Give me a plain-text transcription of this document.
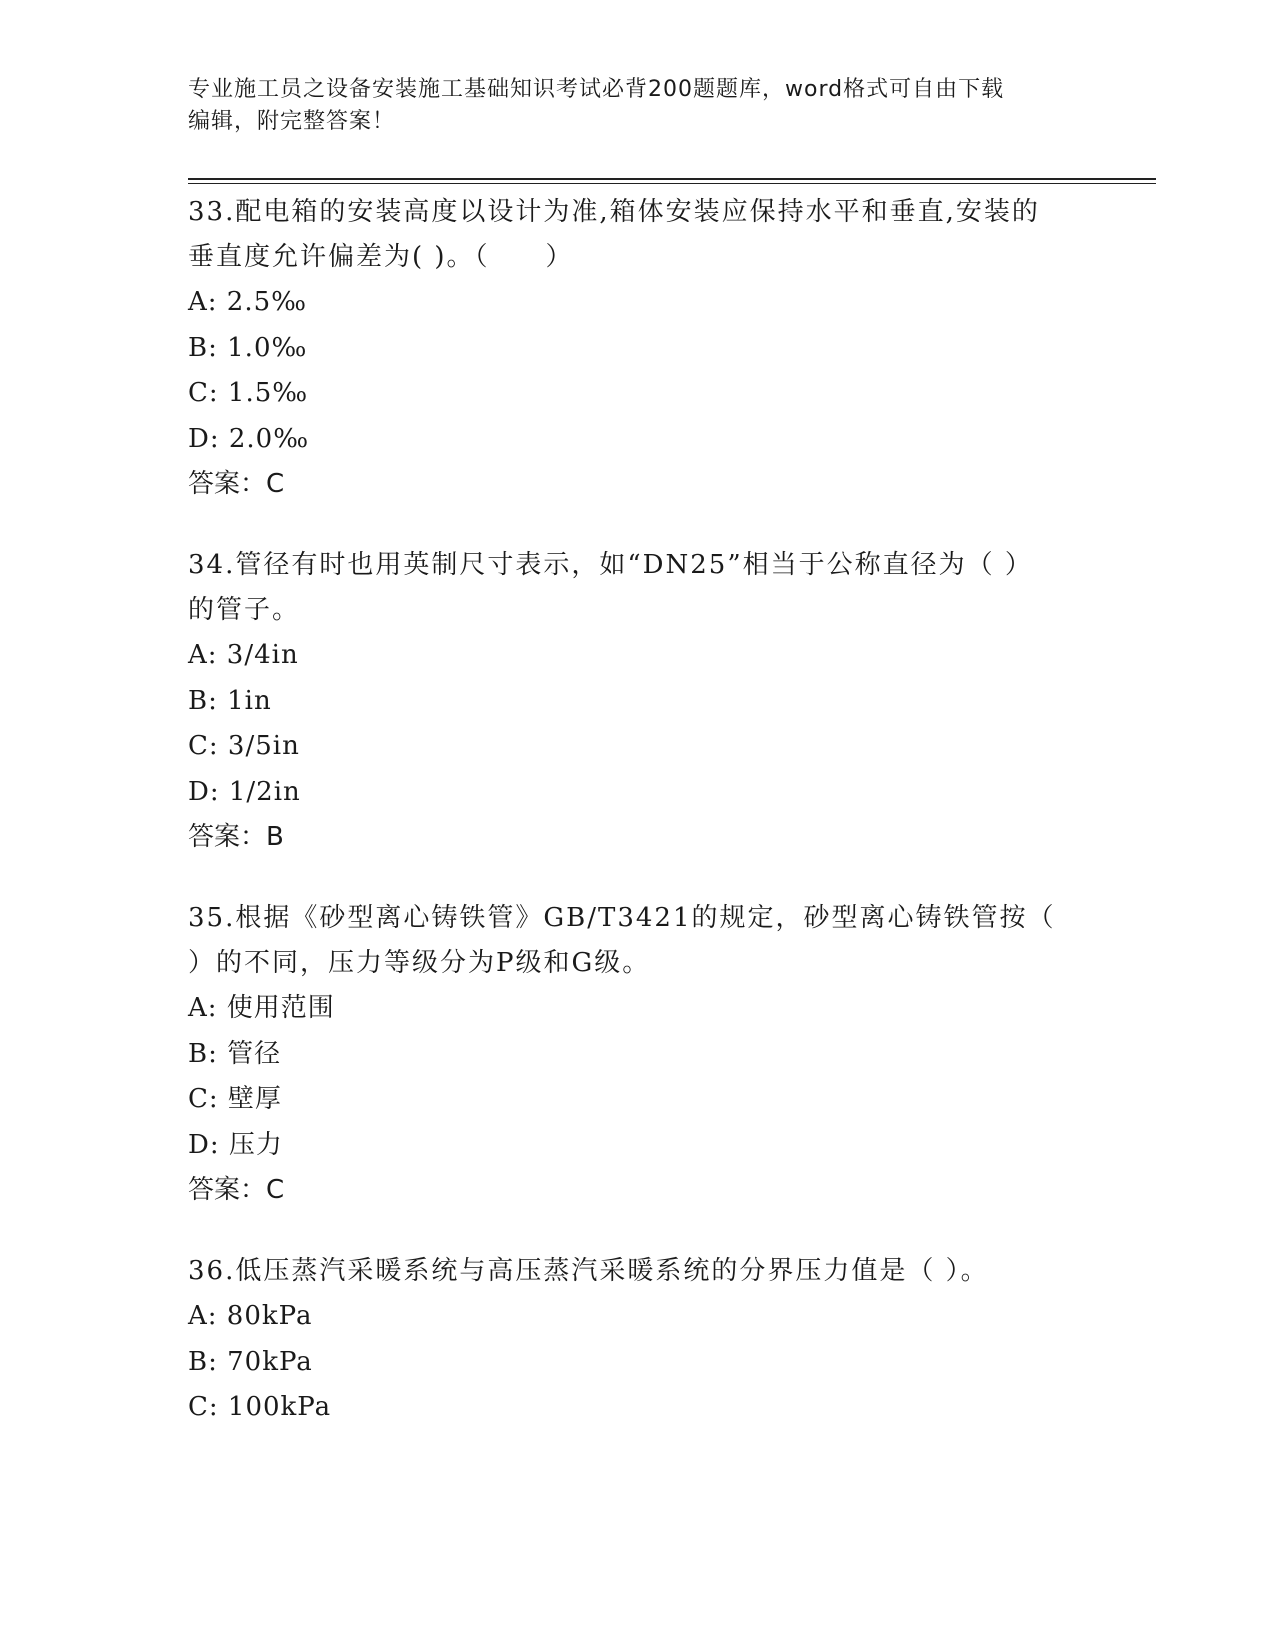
专业施工员之设备安装施工基础知识考试必背200题题库，word格式可自由下载
编辑，附完整答案！

33.配电箱的安装高度以设计为准,箱体安装应保持水平和垂直,安装的

垂直度允许偏差为( )。（　　）

A: 2.5‰

B: 1.0‰

C: 1.5‰

D: 2.0‰

答案：C

34.管径有时也用英制尺寸表示，如“DN25”相当于公称直径为（ ）

的管子。

A: 3/4in

B: 1in

C: 3/5in

D: 1/2in

答案：B

35.根据《砂型离心铸铁管》GB/T3421的规定，砂型离心铸铁管按（

）的不同，压力等级分为P级和G级。

A: 使用范围

B: 管径

C: 壁厚

D: 压力

答案：C

36.低压蒸汽采暖系统与高压蒸汽采暖系统的分界压力值是（ ）。

A: 80kPa

B: 70kPa

C: 100kPa
